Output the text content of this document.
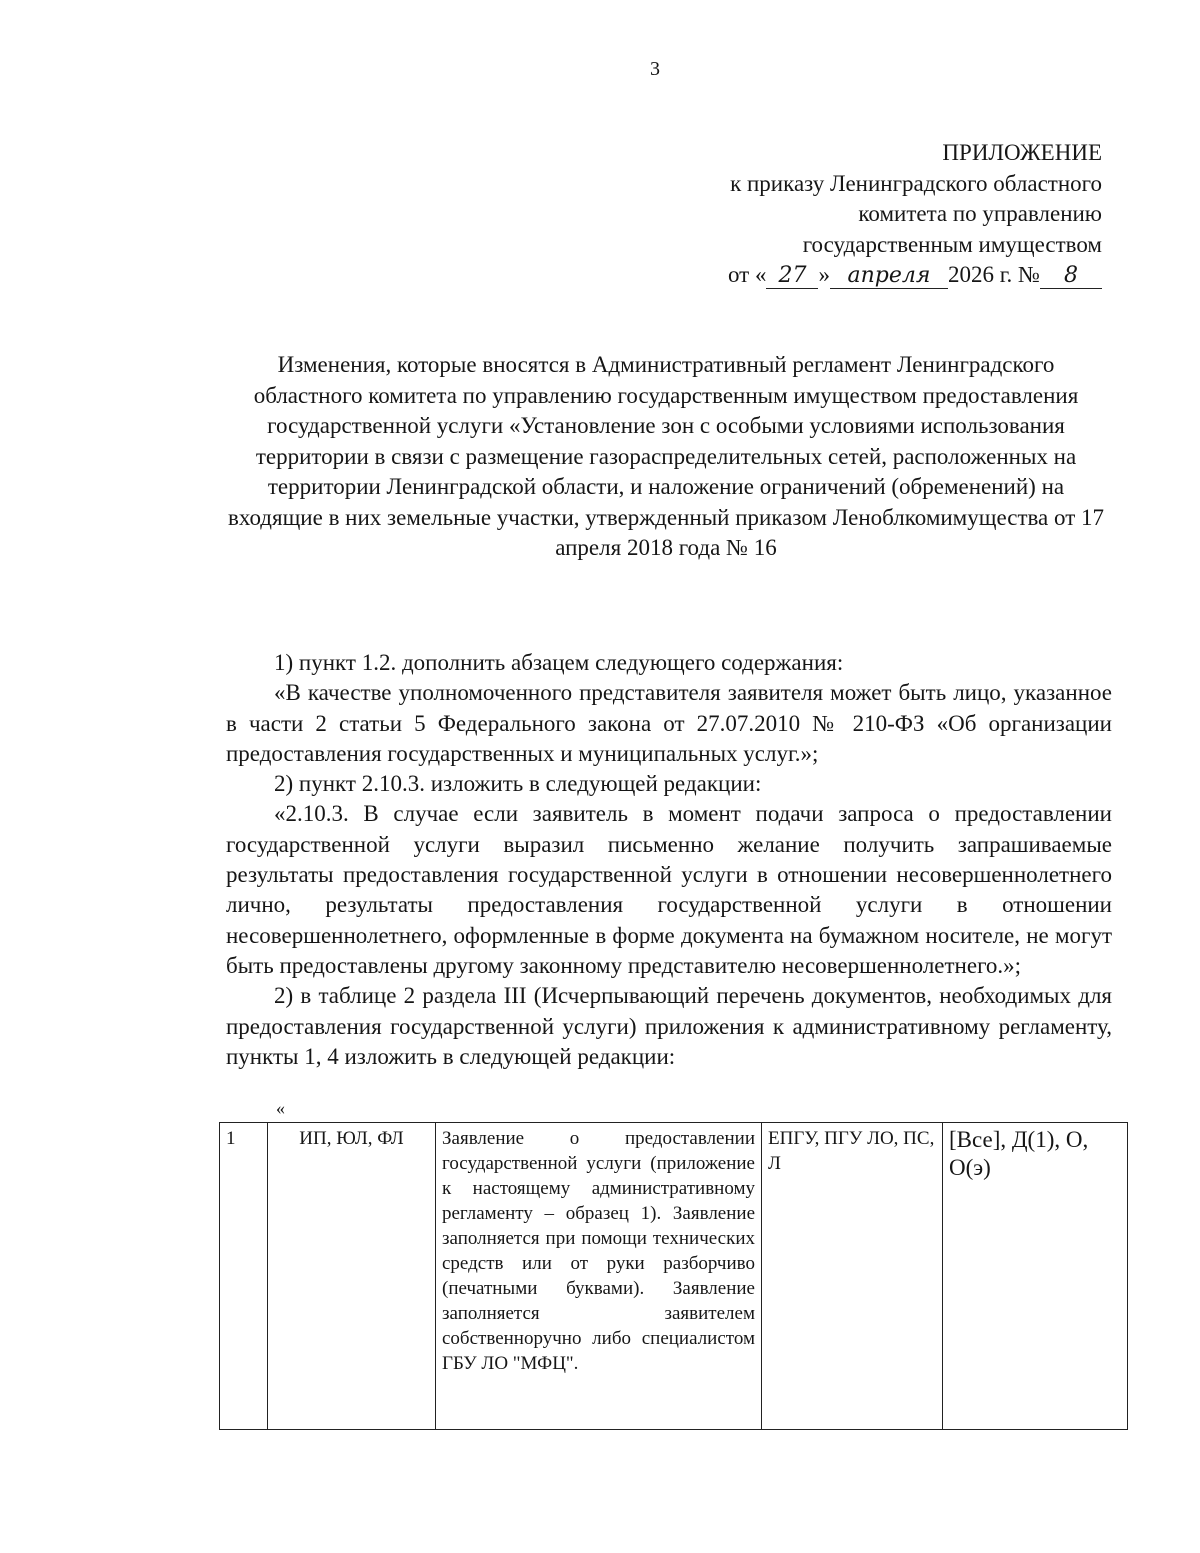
3
ПРИЛОЖЕНИЕ
к приказу Ленинградского областного
комитета по управлению
государственным имуществом
от « 27 » апреля 2026 г. № 8
Изменения, которые вносятся в Административный регламент Ленинградского областного комитета по управлению государственным имуществом предоставления государственной услуги «Установление зон с особыми условиями использования территории в связи с размещение газораспределительных сетей, расположенных на территории Ленинградской области, и наложение ограничений (обременений) на входящие в них земельные участки, утвержденный приказом Леноблкомимущества от 17 апреля 2018 года № 16

1) пункт 1.2. дополнить абзацем следующего содержания:

«В качестве уполномоченного представителя заявителя может быть лицо, указанное в части 2 статьи 5 Федерального закона от 27.07.2010 № 210-ФЗ «Об организации предоставления государственных и муниципальных услуг.»;

2) пункт 2.10.3. изложить в следующей редакции:

«2.10.3. В случае если заявитель в момент подачи запроса о предоставлении государственной услуги выразил письменно желание получить запрашиваемые результаты предоставления государственной услуги в отношении несовершеннолетнего лично, результаты предоставления государственной услуги в отношении несовершеннолетнего, оформленные в форме документа на бумажном носителе, не могут быть предоставлены другому законному представителю несовершеннолетнего.»;

2) в таблице 2 раздела III (Исчерпывающий перечень документов, необходимых для предоставления государственной услуги) приложения к административному регламенту, пункты 1, 4 изложить в следующей редакции:

«
1	ИП, ЮЛ, ФЛ	Заявление о предоставлении государственной услуги (приложение к настоящему административному регламенту – образец 1). Заявление заполняется при помощи технических средств или от руки разборчиво (печатными буквами). Заявление заполняется заявителем собственноручно либо специалистом ГБУ ЛО "МФЦ".	ЕПГУ, ПГУ ЛО, ПС, Л	[Все], Д(1), О, О(э)
